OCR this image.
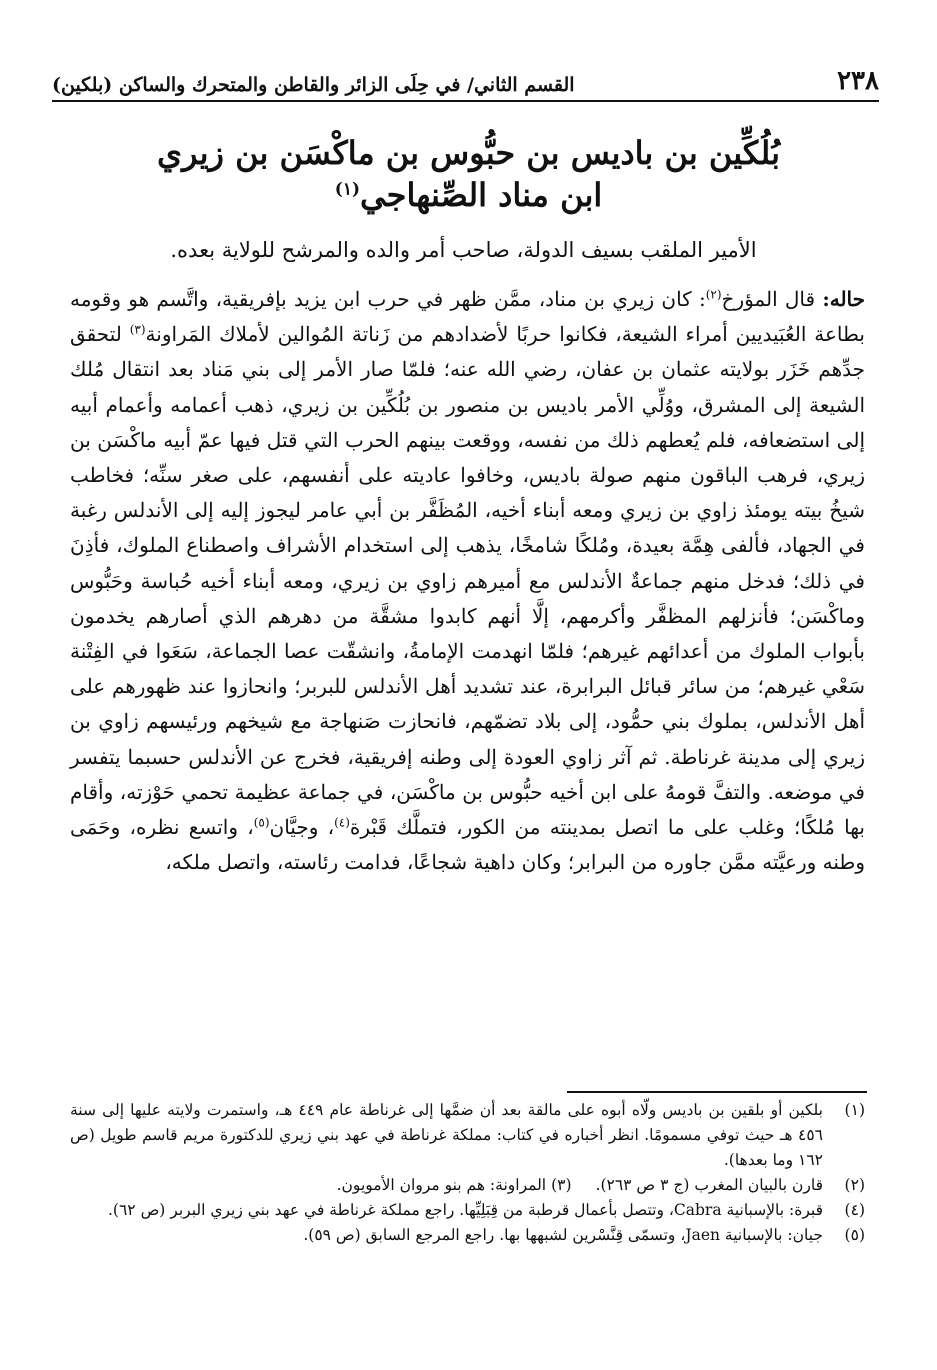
٢٣٨
القسم الثاني/ في حِلَى الزائر والقاطن والمتحرك والساكن (بلكين)
بُلُكِّين بن باديس بن حبُّوس بن ماكْسَن بن زيري
ابن مناد الصِّنهاجي$^{(١)}$
الأمير الملقب بسيف الدولة، صاحب أمر والده والمرشح للولاية بعده.

حاله: قال المؤرخ$^{(٢)}$: كان زيري بن مناد، ممَّن ظهر في حرب ابن يزيد بإفريقية، واتَّسم هو وقومه بطاعة العُبَيديين أمراء الشيعة، فكانوا حربًا لأضدادهم من زَناتة المُوالين لأملاك المَراونة$^{(٣)}$ لتحقق جدِّهم خَزَر بولايته عثمان بن عفان، رضي الله عنه؛ فلمّا صار الأمر إلى بني مَناد بعد انتقال مُلك الشيعة إلى المشرق، ووُلِّي الأمر باديس بن منصور بن بُلُكِّين بن زيري، ذهب أعمامه وأعمام أبيه إلى استضعافه، فلم يُعطهم ذلك من نفسه، ووقعت بينهم الحرب التي قتل فيها عمّ أبيه ماكْسَن بن زيري، فرهب الباقون منهم صولة باديس، وخافوا عاديته على أنفسهم، على صغر سنِّه؛ فخاطب شيخُ بيته يومئذ زاوي بن زيري ومعه أبناء أخيه، المُظَفَّر بن أبي عامر ليجوز إليه إلى الأندلس رغبة في الجهاد، فألفى هِمَّة بعيدة، ومُلكًا شامخًا، يذهب إلى استخدام الأشراف واصطناع الملوك، فأذِنَ في ذلك؛ فدخل منهم جماعةٌ الأندلس مع أميرهم زاوي بن زيري، ومعه أبناء أخيه حُباسة وحَبُّوس وماكْسَن؛ فأنزلهم المظفَّر وأكرمهم، إلَّا أنهم كابدوا مشقَّة من دهرهم الذي أصارهم يخدمون بأبواب الملوك من أعدائهم غيرهم؛ فلمّا انهدمت الإمامةُ، وانشقّت عصا الجماعة، سَعَوا في الفِتْنة سَعْي غيرهم؛ من سائر قبائل البرابرة، عند تشديد أهل الأندلس للبربر؛ وانحازوا عند ظهورهم على أهل الأندلس، بملوك بني حمُّود، إلى بلاد تضمّهم، فانحازت صَنهاجة مع شيخهم ورئيسهم زاوي بن زيري إلى مدينة غرناطة. ثم آثر زاوي العودة إلى وطنه إفريقية، فخرج عن الأندلس حسبما يتفسر في موضعه. والتفَّ قومهُ على ابن أخيه حبُّوس بن ماكْسَن، في جماعة عظيمة تحمي حَوْزته، وأقام بها مُلكًا؛ وغلب على ما اتصل بمدينته من الكور، فتملَّك قَبْرة$^{(٤)}$، وجيَّان$^{(٥)}$، واتسع نظره، وحَمَى وطنه ورعيَّته ممَّن جاوره من البرابر؛ وكان داهية شجاعًا، فدامت رئاسته، واتصل ملكه،

(١)
بلكين أو بلقين بن باديس ولّاه أبوه على مالقة بعد أن ضمَّها إلى غرناطة عام ٤٤٩ هـ، واستمرت ولايته عليها إلى سنة ٤٥٦ هـ حيث توفي مسمومًا. انظر أخباره في كتاب: مملكة غرناطة في عهد بني زيري للدكتورة مريم قاسم طويل (ص ١٦٢ وما بعدها).
(٢)
قارن بالبيان المغرب (ج ٣ ص ٢٦٣).
(٣) المراونة: هم بنو مروان الأمويون.
(٤)
قبرة: بالإسبانية Cabra، وتتصل بأعمال قرطبة من قِبَلِيِّها. راجع مملكة غرناطة في عهد بني زيري البربر (ص ٦٢).
(٥)
جيان: بالإسبانية Jaen، وتسمّى قِنَّسْرين لشبهها بها. راجع المرجع السابق (ص ٥٩).
